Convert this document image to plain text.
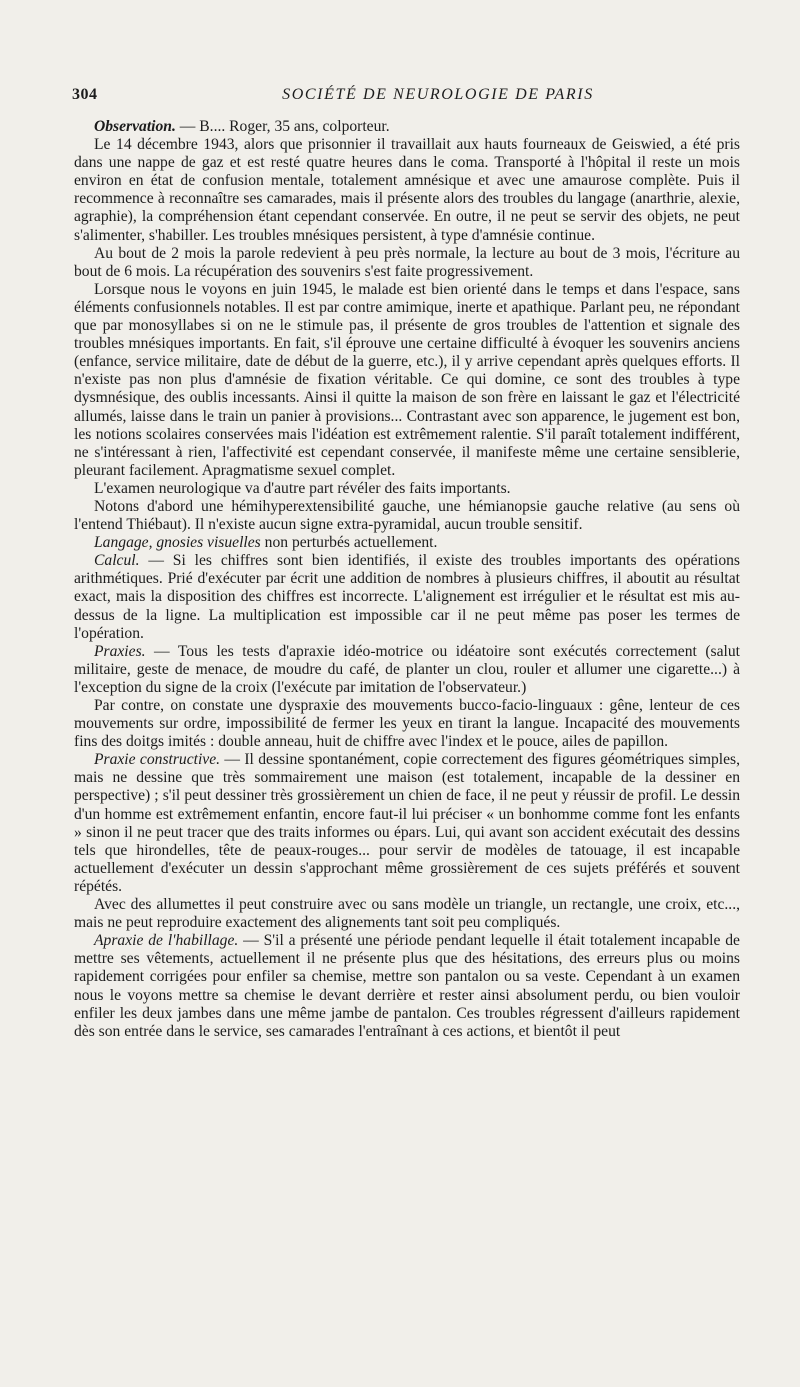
304	SOCIÉTÉ DE NEUROLOGIE DE PARIS

Observation. — B.... Roger, 35 ans, colporteur.

Le 14 décembre 1943, alors que prisonnier il travaillait aux hauts fourneaux de Geiswied, a été pris dans une nappe de gaz et est resté quatre heures dans le coma. Transporté à l'hôpital il reste un mois environ en état de confusion mentale, totalement amnésique et avec une amaurose complète. Puis il recommence à reconnaître ses camarades, mais il présente alors des troubles du langage (anarthrie, alexie, agraphie), la compréhension étant cependant conservée. En outre, il ne peut se servir des objets, ne peut s'alimenter, s'habiller. Les troubles mnésiques persistent, à type d'amnésie continue.

Au bout de 2 mois la parole redevient à peu près normale, la lecture au bout de 3 mois, l'écriture au bout de 6 mois. La récupération des souvenirs s'est faite progressivement.

Lorsque nous le voyons en juin 1945, le malade est bien orienté dans le temps et dans l'espace, sans éléments confusionnels notables. Il est par contre amimique, inerte et apathique. Parlant peu, ne répondant que par monosyllabes si on ne le stimule pas, il présente de gros troubles de l'attention et signale des troubles mnésiques importants. En fait, s'il éprouve une certaine difficulté à évoquer les souvenirs anciens (enfance, service militaire, date de début de la guerre, etc.), il y arrive cependant après quelques efforts. Il n'existe pas non plus d'amnésie de fixation véritable. Ce qui domine, ce sont des troubles à type dysmnésique, des oublis incessants. Ainsi il quitte la maison de son frère en laissant le gaz et l'électricité allumés, laisse dans le train un panier à provisions... Contrastant avec son apparence, le jugement est bon, les notions scolaires conservées mais l'idéation est extrêmement ralentie. S'il paraît totalement indifférent, ne s'intéressant à rien, l'affectivité est cependant conservée, il manifeste même une certaine sensiblerie, pleurant facilement. Apragmatisme sexuel complet.

L'examen neurologique va d'autre part révéler des faits importants.

Notons d'abord une hémihyperextensibilité gauche, une hémianopsie gauche relative (au sens où l'entend Thiébaut). Il n'existe aucun signe extra-pyramidal, aucun trouble sensitif.

Langage, gnosies visuelles non perturbés actuellement.

Calcul. — Si les chiffres sont bien identifiés, il existe des troubles importants des opérations arithmétiques. Prié d'exécuter par écrit une addition de nombres à plusieurs chiffres, il aboutit au résultat exact, mais la disposition des chiffres est incorrecte. L'alignement est irrégulier et le résultat est mis au-dessus de la ligne. La multiplication est impossible car il ne peut même pas poser les termes de l'opération.

Praxies. — Tous les tests d'apraxie idéo-motrice ou idéatoire sont exécutés correctement (salut militaire, geste de menace, de moudre du café, de planter un clou, rouler et allumer une cigarette...) à l'exception du signe de la croix (l'exécute par imitation de l'observateur.)

Par contre, on constate une dyspraxie des mouvements bucco-facio-linguaux : gêne, lenteur de ces mouvements sur ordre, impossibilité de fermer les yeux en tirant la langue. Incapacité des mouvements fins des doitgs imités : double anneau, huit de chiffre avec l'index et le pouce, ailes de papillon.

Praxie constructive. — Il dessine spontanément, copie correctement des figures géométriques simples, mais ne dessine que très sommairement une maison (est totalement, incapable de la dessiner en perspective) ; s'il peut dessiner très grossièrement un chien de face, il ne peut y réussir de profil. Le dessin d'un homme est extrêmement enfantin, encore faut-il lui préciser « un bonhomme comme font les enfants » sinon il ne peut tracer que des traits informes ou épars. Lui, qui avant son accident exécutait des dessins tels que hirondelles, tête de peaux-rouges... pour servir de modèles de tatouage, il est incapable actuellement d'exécuter un dessin s'approchant même grossièrement de ces sujets préférés et souvent répétés.

Avec des allumettes il peut construire avec ou sans modèle un triangle, un rectangle, une croix, etc..., mais ne peut reproduire exactement des alignements tant soit peu compliqués.

Apraxie de l'habillage. — S'il a présenté une période pendant lequelle il était totalement incapable de mettre ses vêtements, actuellement il ne présente plus que des hésitations, des erreurs plus ou moins rapidement corrigées pour enfiler sa chemise, mettre son pantalon ou sa veste. Cependant à un examen nous le voyons mettre sa chemise le devant derrière et rester ainsi absolument perdu, ou bien vouloir enfiler les deux jambes dans une même jambe de pantalon. Ces troubles régressent d'ailleurs rapidement dès son entrée dans le service, ses camarades l'entraînant à ces actions, et bientôt il peut
